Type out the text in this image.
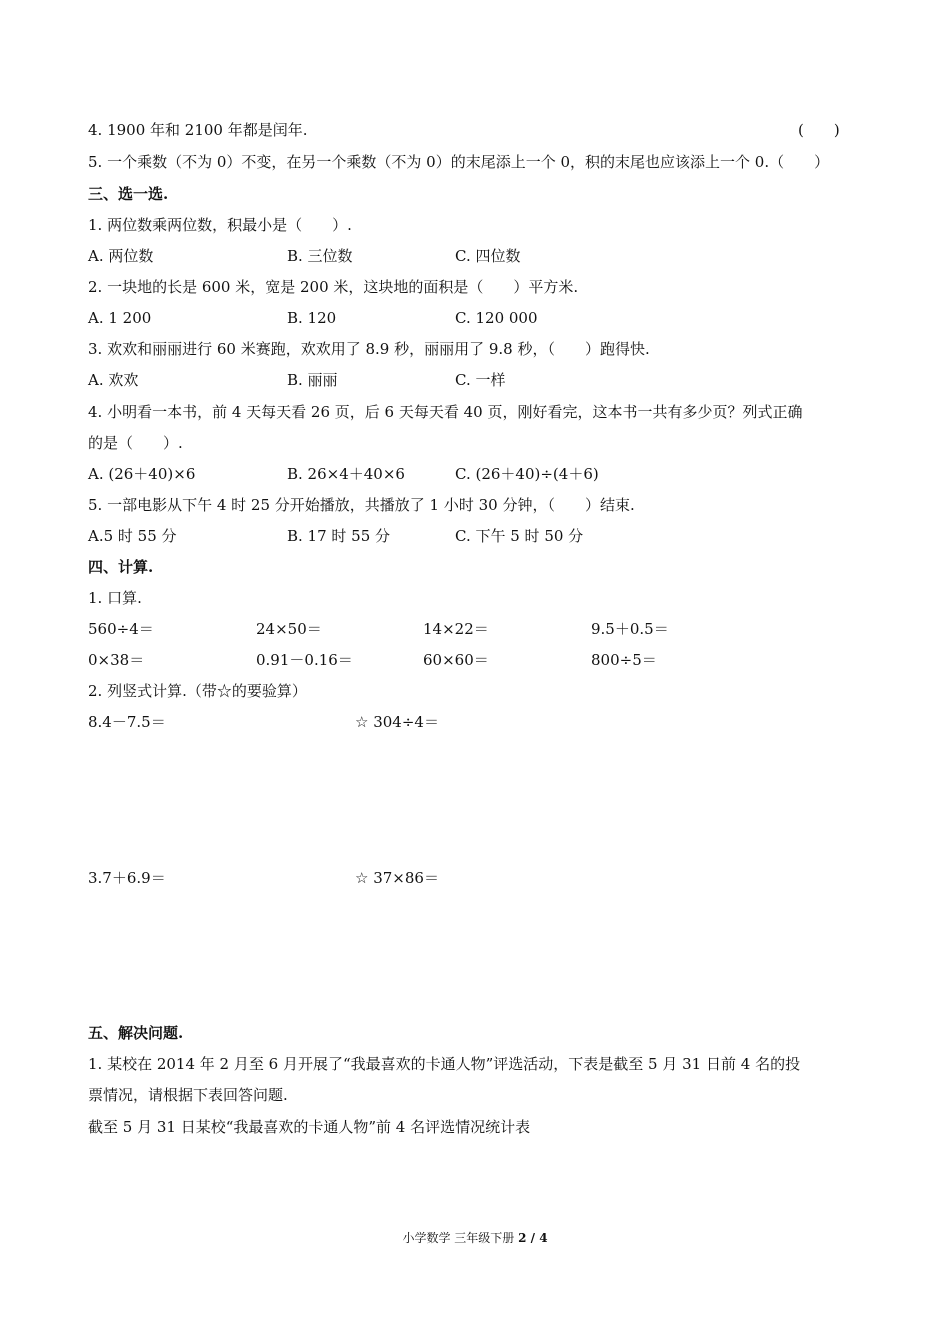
4. 1900 年和 2100 年都是闰年.	(　　)
5. 一个乘数（不为 0）不变，在另一个乘数（不为 0）的末尾添上一个 0，积的末尾也应该添上一个 0.（　　）
三、选一选.
1. 两位数乘两位数，积最小是（　　）.
A. 两位数	B. 三位数	C. 四位数
2. 一块地的长是 600 米，宽是 200 米，这块地的面积是（　　）平方米.
A. 1 200	B. 120	C. 120 000
3. 欢欢和丽丽进行 60 米赛跑，欢欢用了 8.9 秒，丽丽用了 9.8 秒，（　　）跑得快.
A. 欢欢	B. 丽丽	C. 一样
4. 小明看一本书，前 4 天每天看 26 页，后 6 天每天看 40 页，刚好看完，这本书一共有多少页？列式正确
的是（　　）.
A. (26＋40)×6	B. 26×4＋40×6	C. (26＋40)÷(4＋6)
5. 一部电影从下午 4 时 25 分开始播放，共播放了 1 小时 30 分钟，（　　）结束.
A.5 时 55 分	B. 17 时 55 分	C. 下午 5 时 50 分
四、计算.
1. 口算.
560÷4＝	24×50＝	14×22＝	9.5＋0.5＝
0×38＝	0.91－0.16＝	60×60＝	800÷5＝
2. 列竖式计算.（带☆的要验算）
8.4－7.5＝	☆ 304÷4＝
3.7＋6.9＝	☆ 37×86＝
五、解决问题.
1. 某校在 2014 年 2 月至 6 月开展了“我最喜欢的卡通人物”评选活动，下表是截至 5 月 31 日前 4 名的投
票情况，请根据下表回答问题.
截至 5 月 31 日某校“我最喜欢的卡通人物”前 4 名评选情况统计表
小学数学 三年级下册 2 / 4
